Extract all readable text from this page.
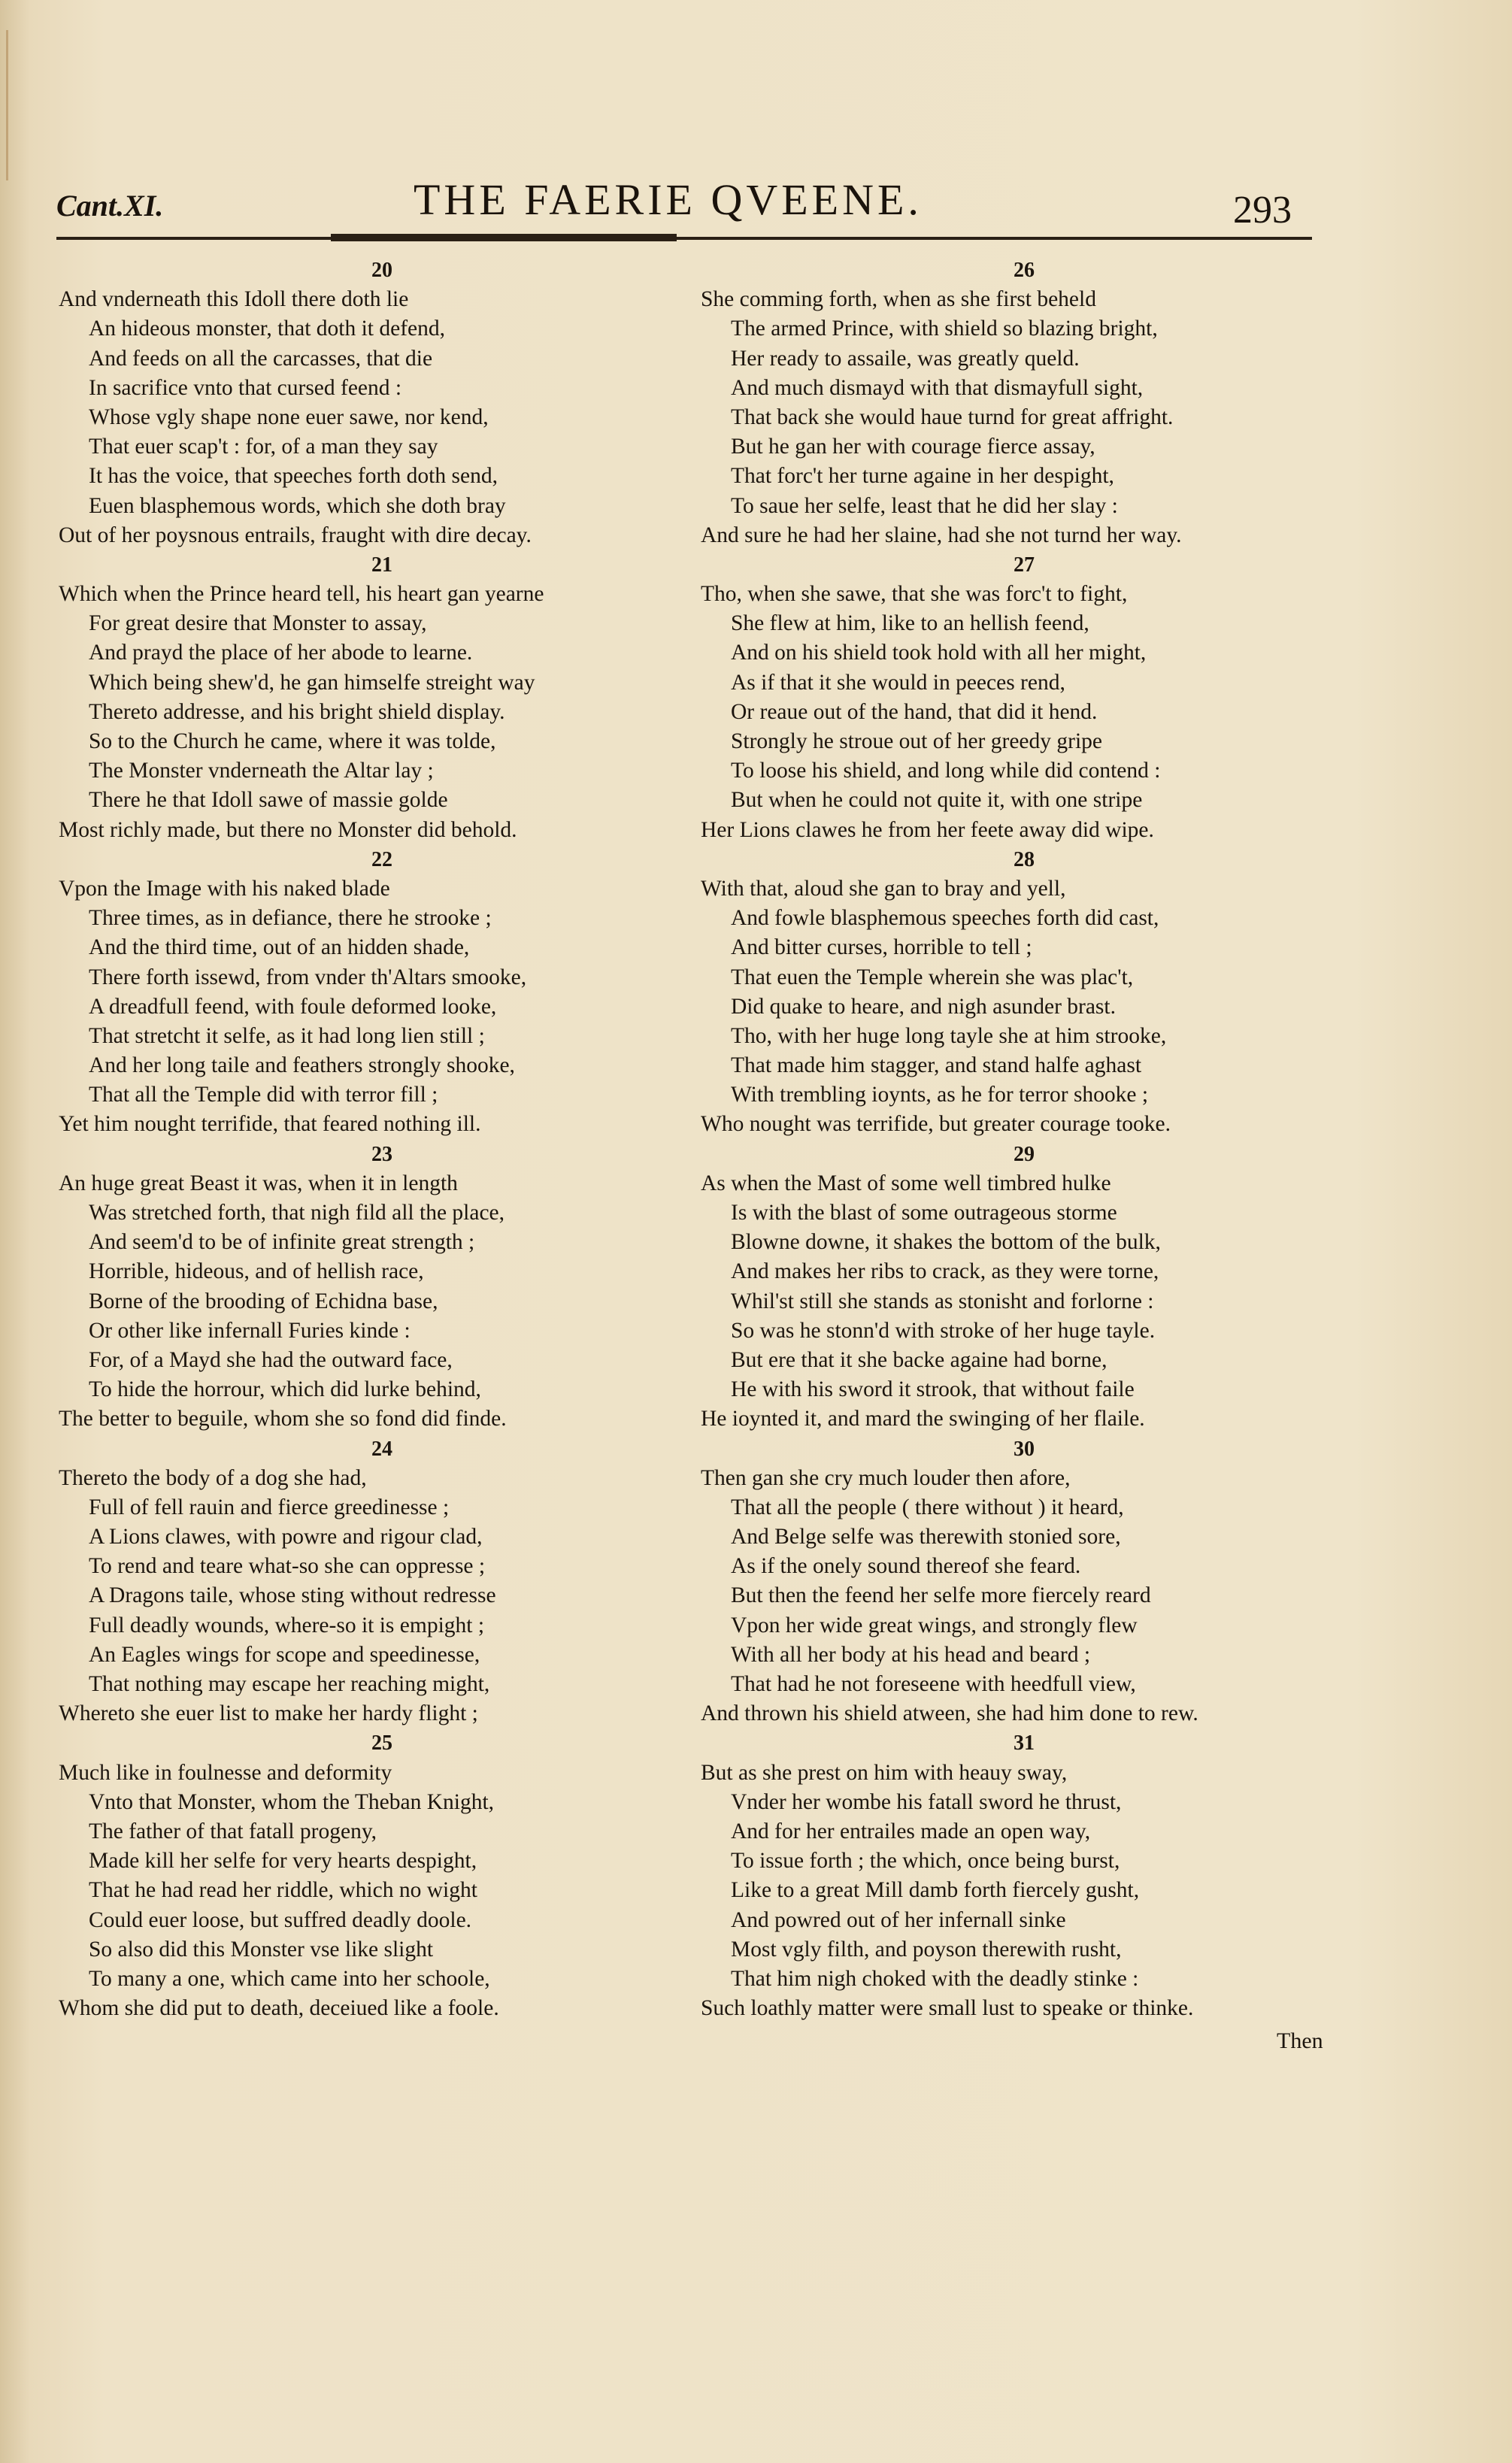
Cant.XI.	THE FAERIE QVEENE.	293
20
And vnderneath this Idoll there doth lie
An hideous monster, that doth it defend,
And feeds on all the carcasses, that die
In sacrifice vnto that cursed feend :
Whose vgly shape none euer sawe, nor kend,
That euer scap't : for, of a man they say
It has the voice, that speeches forth doth send,
Euen blasphemous words, which she doth bray
Out of her poysnous entrails, fraught with dire decay.
21
Which when the Prince heard tell, his heart gan yearne
For great desire that Monster to assay,
And prayd the place of her abode to learne.
Which being shew'd, he gan himselfe streight way
Thereto addresse, and his bright shield display.
So to the Church he came, where it was tolde,
The Monster vnderneath the Altar lay ;
There he that Idoll sawe of massie golde
Most richly made, but there no Monster did behold.
22
Vpon the Image with his naked blade
Three times, as in defiance, there he strooke ;
And the third time, out of an hidden shade,
There forth issewd, from vnder th'Altars smooke,
A dreadfull feend, with foule deformed looke,
That stretcht it selfe, as it had long lien still ;
And her long taile and feathers strongly shooke,
That all the Temple did with terror fill ;
Yet him nought terrifide, that feared nothing ill.
23
An huge great Beast it was, when it in length
Was stretched forth, that nigh fild all the place,
And seem'd to be of infinite great strength ;
Horrible, hideous, and of hellish race,
Borne of the brooding of Echidna base,
Or other like infernall Furies kinde :
For, of a Mayd she had the outward face,
To hide the horrour, which did lurke behind,
The better to beguile, whom she so fond did finde.
24
Thereto the body of a dog she had,
Full of fell rauin and fierce greedinesse ;
A Lions clawes, with powre and rigour clad,
To rend and teare what-so she can oppresse ;
A Dragons taile, whose sting without redresse
Full deadly wounds, where-so it is empight ;
An Eagles wings for scope and speedinesse,
That nothing may escape her reaching might,
Whereto she euer list to make her hardy flight ;
25
Much like in foulnesse and deformity
Vnto that Monster, whom the Theban Knight,
The father of that fatall progeny,
Made kill her selfe for very hearts despight,
That he had read her riddle, which no wight
Could euer loose, but suffred deadly doole.
So also did this Monster vse like slight
To many a one, which came into her schoole,
Whom she did put to death, deceiued like a foole.
26
She comming forth, when as she first beheld
The armed Prince, with shield so blazing bright,
Her ready to assaile, was greatly queld.
And much dismayd with that dismayfull sight,
That back she would haue turnd for great affright.
But he gan her with courage fierce assay,
That forc't her turne againe in her despight,
To saue her selfe, least that he did her slay :
And sure he had her slaine, had she not turnd her way.
27
Tho, when she sawe, that she was forc't to fight,
She flew at him, like to an hellish feend,
And on his shield took hold with all her might,
As if that it she would in peeces rend,
Or reaue out of the hand, that did it hend.
Strongly he stroue out of her greedy gripe
To loose his shield, and long while did contend :
But when he could not quite it, with one stripe
Her Lions clawes he from her feete away did wipe.
28
With that, aloud she gan to bray and yell,
And fowle blasphemous speeches forth did cast,
And bitter curses, horrible to tell ;
That euen the Temple wherein she was plac't,
Did quake to heare, and nigh asunder brast.
Tho, with her huge long tayle she at him strooke,
That made him stagger, and stand halfe aghast
With trembling ioynts, as he for terror shooke ;
Who nought was terrifide, but greater courage tooke.
29
As when the Mast of some well timbred hulke
Is with the blast of some outrageous storme
Blowne downe, it shakes the bottom of the bulk,
And makes her ribs to crack, as they were torne,
Whil'st still she stands as stonisht and forlorne :
So was he stonn'd with stroke of her huge tayle.
But ere that it she backe againe had borne,
He with his sword it strook, that without faile
He ioynted it, and mard the swinging of her flaile.
30
Then gan she cry much louder then afore,
That all the people ( there without ) it heard,
And Belge selfe was therewith stonied sore,
As if the onely sound thereof she feard.
But then the feend her selfe more fiercely reard
Vpon her wide great wings, and strongly flew
With all her body at his head and beard ;
That had he not foreseene with heedfull view,
And thrown his shield atween, she had him done to rew.
31
But as she prest on him with heauy sway,
Vnder her wombe his fatall sword he thrust,
And for her entrailes made an open way,
To issue forth ; the which, once being burst,
Like to a great Mill damb forth fiercely gusht,
And powred out of her infernall sinke
Most vgly filth, and poyson therewith rusht,
That him nigh choked with the deadly stinke :
Such loathly matter were small lust to speake or thinke.
Then
